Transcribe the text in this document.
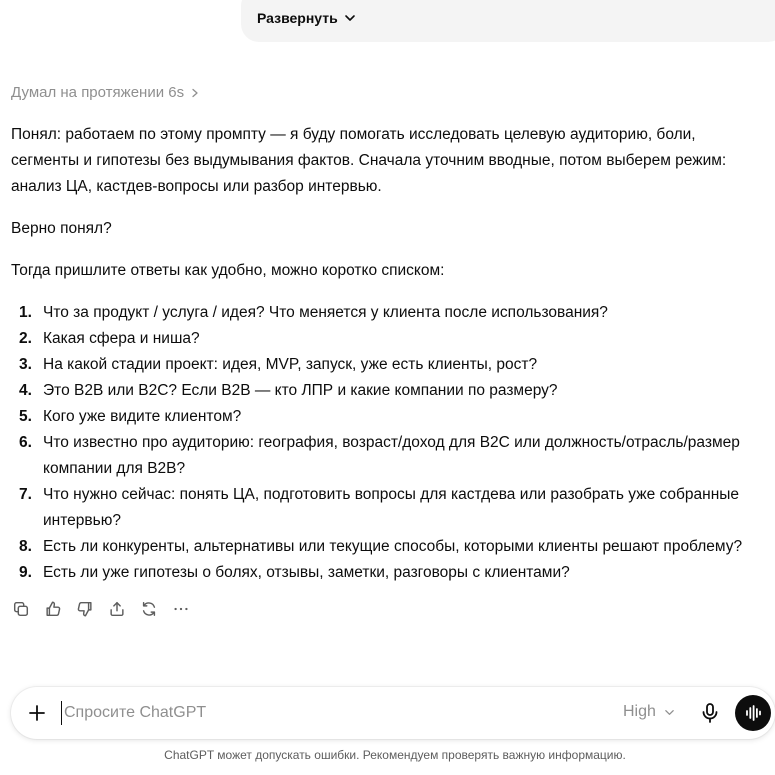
Развернуть
Думал на протяжении 6s

Понял: работаем по этому промпту — я буду помогать исследовать целевую аудиторию, боли, сегменты и гипотезы без выдумывания фактов. Сначала уточним вводные, потом выберем режим: анализ ЦА, кастдев-вопросы или разбор интервью.

Верно понял?

Тогда пришлите ответы как удобно, можно коротко списком:

1. Что за продукт / услуга / идея? Что меняется у клиента после использования?
2. Какая сфера и ниша?
3. На какой стадии проект: идея, MVP, запуск, уже есть клиенты, рост?
4. Это B2B или B2C? Если B2B — кто ЛПР и какие компании по размеру?
5. Кого уже видите клиентом?
6. Что известно про аудиторию: география, возраст/доход для B2C или должность/отрасль/размер компании для B2B?
7. Что нужно сейчас: понять ЦА, подготовить вопросы для кастдева или разобрать уже собранные интервью?
8. Есть ли конкуренты, альтернативы или текущие способы, которыми клиенты решают проблему?
9. Есть ли уже гипотезы о болях, отзывы, заметки, разговоры с клиентами?
Спросите ChatGPT
High
ChatGPT может допускать ошибки. Рекомендуем проверять важную информацию.
